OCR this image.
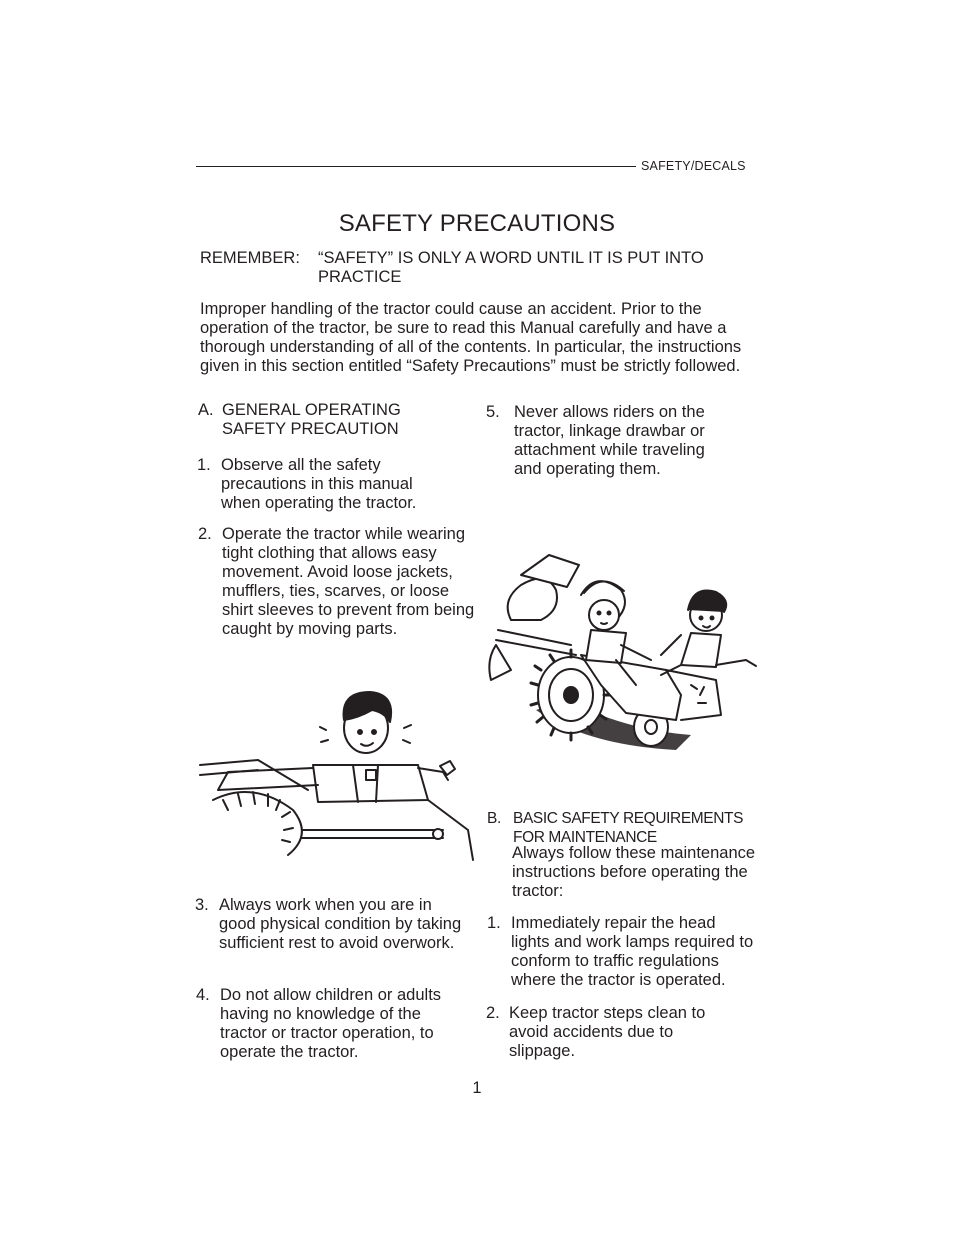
SAFETY/DECALS
SAFETY PRECAUTIONS
REMEMBER: “SAFETY” IS ONLY A WORD UNTIL IT IS PUT INTO PRACTICE
Improper handling of the tractor could cause an accident. Prior to the operation of the tractor, be sure to read this Manual carefully and have a thorough understanding of all of the contents. In particular, the instructions given in this section entitled “Safety Precautions” must be strictly followed.
A. GENERAL OPERATING SAFETY PRECAUTION
1. Observe all the safety precautions in this manual when operating the tractor.
2. Operate the tractor while wearing tight clothing that allows easy movement. Avoid loose jackets, mufflers, ties, scarves, or loose shirt sleeves to prevent from being caught by moving parts.
5. Never allows riders on the tractor, linkage drawbar or attachment while traveling and operating them.
3. Always work when you are in good physical condition by taking sufficient rest to avoid overwork.
4. Do not allow children or adults having no knowledge of the tractor or tractor operation, to operate the tractor.
B. BASIC SAFETY REQUIREMENTS FOR MAINTENANCE
Always follow these maintenance instructions before operating the tractor:
1. Immediately repair the head lights and work lamps required to conform to traffic regulations where the tractor is operated.
2. Keep tractor steps clean to avoid accidents due to slippage.
1
